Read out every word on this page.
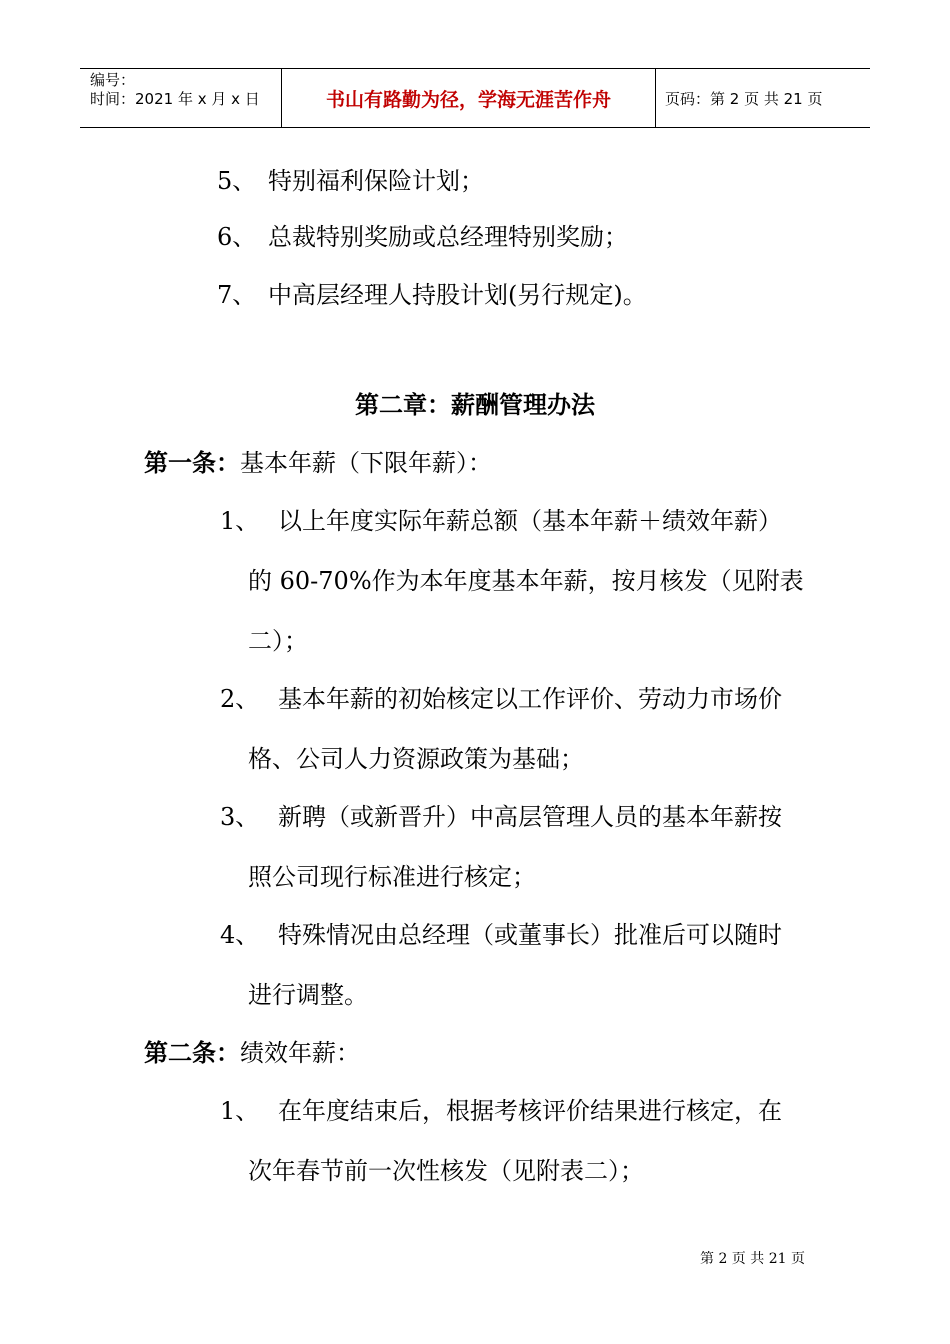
编号：
时间：2021 年 x 月 x 日	书山有路勤为径，学海无涯苦作舟	页码：第 2 页 共 21 页
5、 特别福利保险计划；
6、 总裁特别奖励或总经理特别奖励；
7、 中高层经理人持股计划(另行规定)。
第二章：薪酬管理办法
第一条：基本年薪（下限年薪）：
1、 以上年度实际年薪总额（基本年薪＋绩效年薪）
的 60-70%作为本年度基本年薪，按月核发（见附表
二）；
2、 基本年薪的初始核定以工作评价、劳动力市场价
格、公司人力资源政策为基础；
3、 新聘（或新晋升）中高层管理人员的基本年薪按
照公司现行标准进行核定；
4、 特殊情况由总经理（或董事长）批准后可以随时
进行调整。
第二条：绩效年薪：
1、 在年度结束后，根据考核评价结果进行核定，在
次年春节前一次性核发（见附表二）；
第 2 页 共 21 页
